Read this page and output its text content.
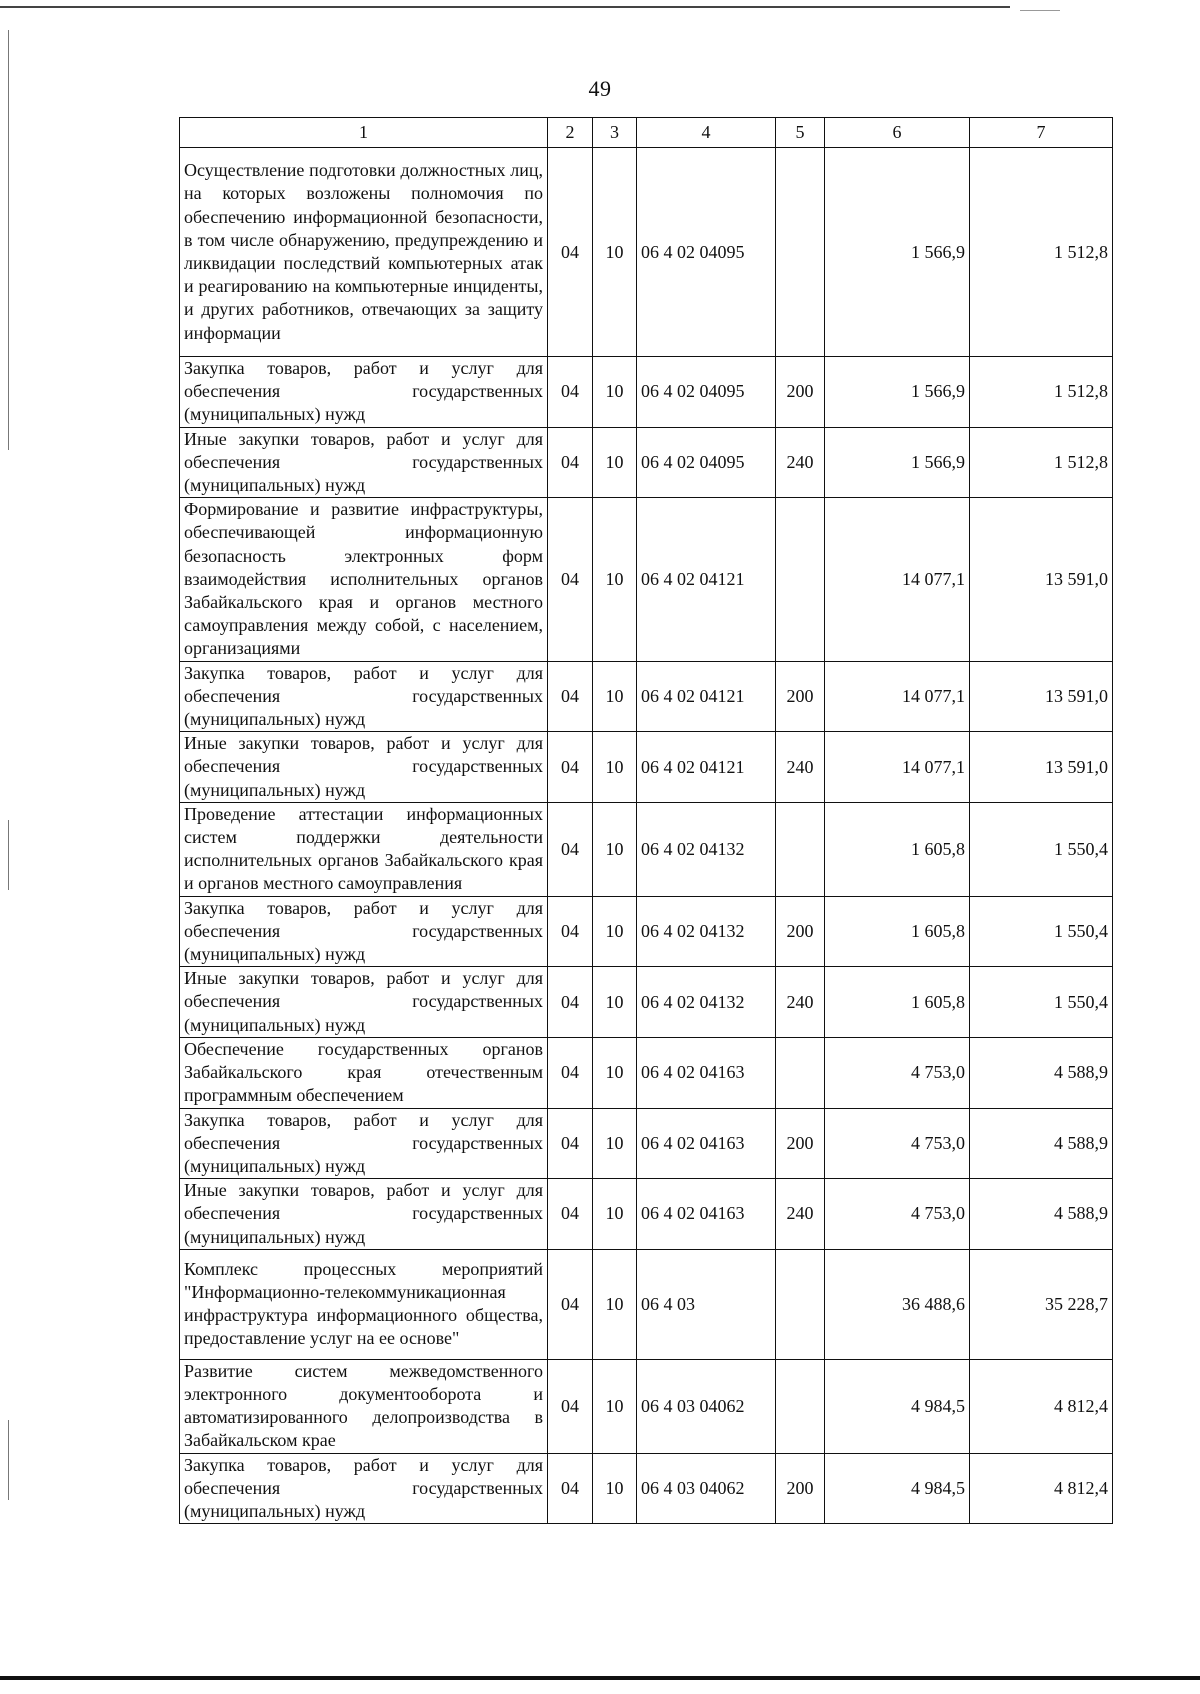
49
1	2	3	4	5	6	7
Осуществление подготовки должностных лиц, на которых возложены полномочия по обеспечению информационной безопасности, в том числе обнаружению, предупреждению и ликвидации последствий компьютерных атак и реагированию на компьютерные инциденты, и других работников, отвечающих за защиту информации	04	10	06 4 02 04095		1 566,9	1 512,8
Закупка товаров, работ и услуг для обеспечения государственных (муниципальных) нужд	04	10	06 4 02 04095	200	1 566,9	1 512,8
Иные закупки товаров, работ и услуг для обеспечения государственных (муниципальных) нужд	04	10	06 4 02 04095	240	1 566,9	1 512,8
Формирование и развитие инфраструктуры, обеспечивающей информационную безопасность электронных форм взаимодействия исполнительных органов Забайкальского края и органов местного самоуправления между собой, с населением, организациями	04	10	06 4 02 04121		14 077,1	13 591,0
Закупка товаров, работ и услуг для обеспечения государственных (муниципальных) нужд	04	10	06 4 02 04121	200	14 077,1	13 591,0
Иные закупки товаров, работ и услуг для обеспечения государственных (муниципальных) нужд	04	10	06 4 02 04121	240	14 077,1	13 591,0
Проведение аттестации информационных систем поддержки деятельности исполнительных органов Забайкальского края и органов местного самоуправления	04	10	06 4 02 04132		1 605,8	1 550,4
Закупка товаров, работ и услуг для обеспечения государственных (муниципальных) нужд	04	10	06 4 02 04132	200	1 605,8	1 550,4
Иные закупки товаров, работ и услуг для обеспечения государственных (муниципальных) нужд	04	10	06 4 02 04132	240	1 605,8	1 550,4
Обеспечение государственных органов Забайкальского края отечественным программным обеспечением	04	10	06 4 02 04163		4 753,0	4 588,9
Закупка товаров, работ и услуг для обеспечения государственных (муниципальных) нужд	04	10	06 4 02 04163	200	4 753,0	4 588,9
Иные закупки товаров, работ и услуг для обеспечения государственных (муниципальных) нужд	04	10	06 4 02 04163	240	4 753,0	4 588,9
Комплекс процессных мероприятий "Информационно-телекоммуникационная инфраструктура информационного общества, предоставление услуг на ее основе"	04	10	06 4 03		36 488,6	35 228,7
Развитие систем межведомственного электронного документооборота и автоматизированного делопроизводства в Забайкальском крае	04	10	06 4 03 04062		4 984,5	4 812,4
Закупка товаров, работ и услуг для обеспечения государственных (муниципальных) нужд	04	10	06 4 03 04062	200	4 984,5	4 812,4
